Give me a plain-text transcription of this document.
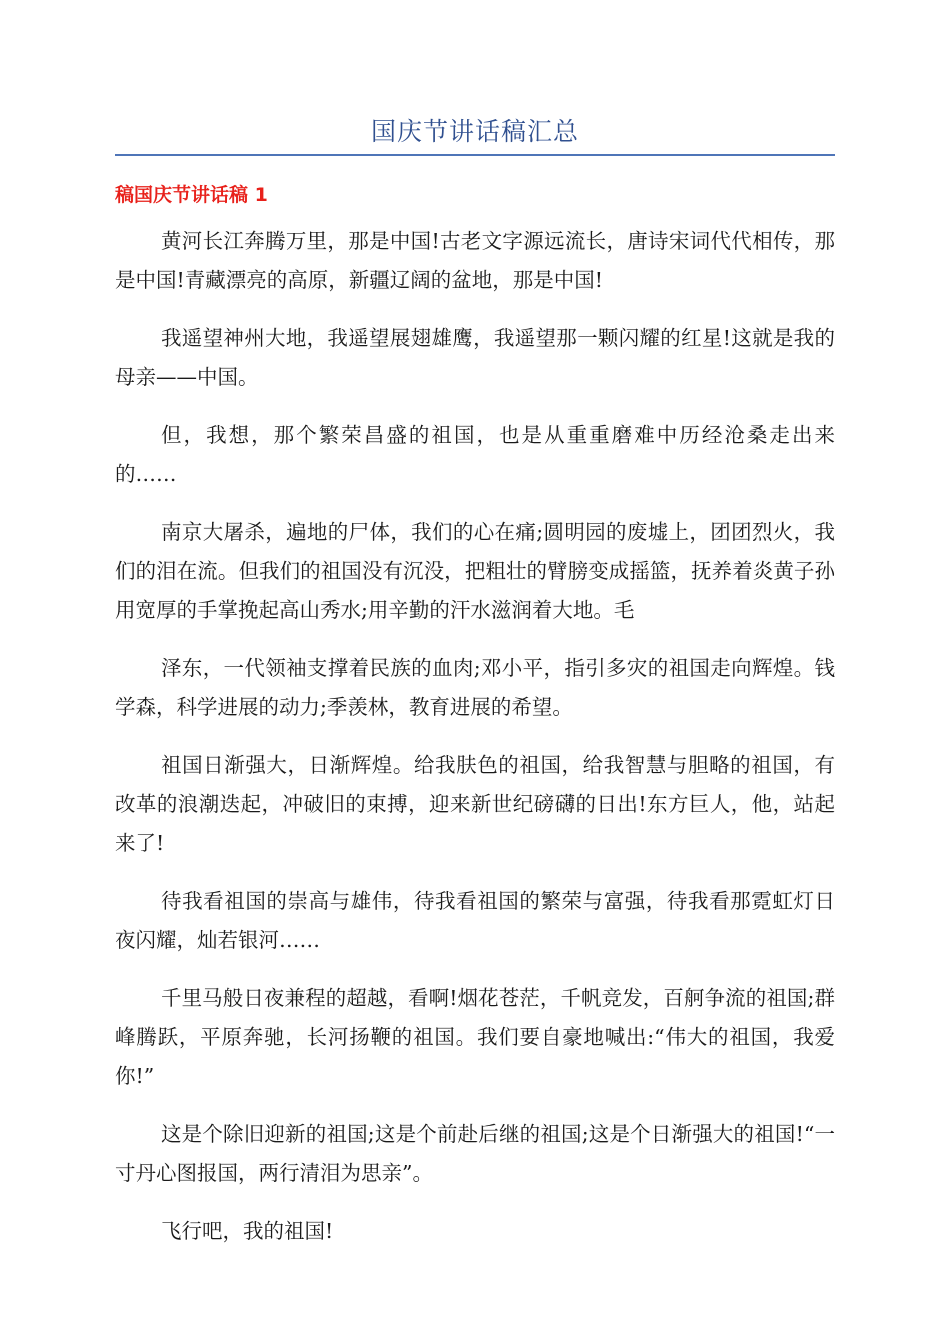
国庆节讲话稿汇总
稿国庆节讲话稿 1

黄河长江奔腾万里，那是中国!古老文字源远流长，唐诗宋词代代相传，那是中国!青藏漂亮的高原，新疆辽阔的盆地，那是中国!

我遥望神州大地，我遥望展翅雄鹰，我遥望那一颗闪耀的红星!这就是我的母亲——中国。

但，我想，那个繁荣昌盛的祖国，也是从重重磨难中历经沧桑走出来的……

南京大屠杀，遍地的尸体，我们的心在痛;圆明园的废墟上，团团烈火，我们的泪在流。但我们的祖国没有沉没，把粗壮的臂膀变成摇篮，抚养着炎黄子孙用宽厚的手掌挽起高山秀水;用辛勤的汗水滋润着大地。毛

泽东，一代领袖支撑着民族的血肉;邓小平，指引多灾的祖国走向辉煌。钱学森，科学进展的动力;季羡林，教育进展的希望。

祖国日渐强大，日渐辉煌。给我肤色的祖国，给我智慧与胆略的祖国，有改革的浪潮迭起，冲破旧的束搏，迎来新世纪磅礴的日出!东方巨人，他，站起来了!

待我看祖国的崇高与雄伟，待我看祖国的繁荣与富强，待我看那霓虹灯日夜闪耀，灿若银河……

千里马般日夜兼程的超越，看啊!烟花苍茫，千帆竞发，百舸争流的祖国;群峰腾跃，平原奔驰，长河扬鞭的祖国。我们要自豪地喊出:“伟大的祖国，我爱你!”

这是个除旧迎新的祖国;这是个前赴后继的祖国;这是个日渐强大的祖国!“一寸丹心图报国，两行清泪为思亲”。

飞行吧，我的祖国!
